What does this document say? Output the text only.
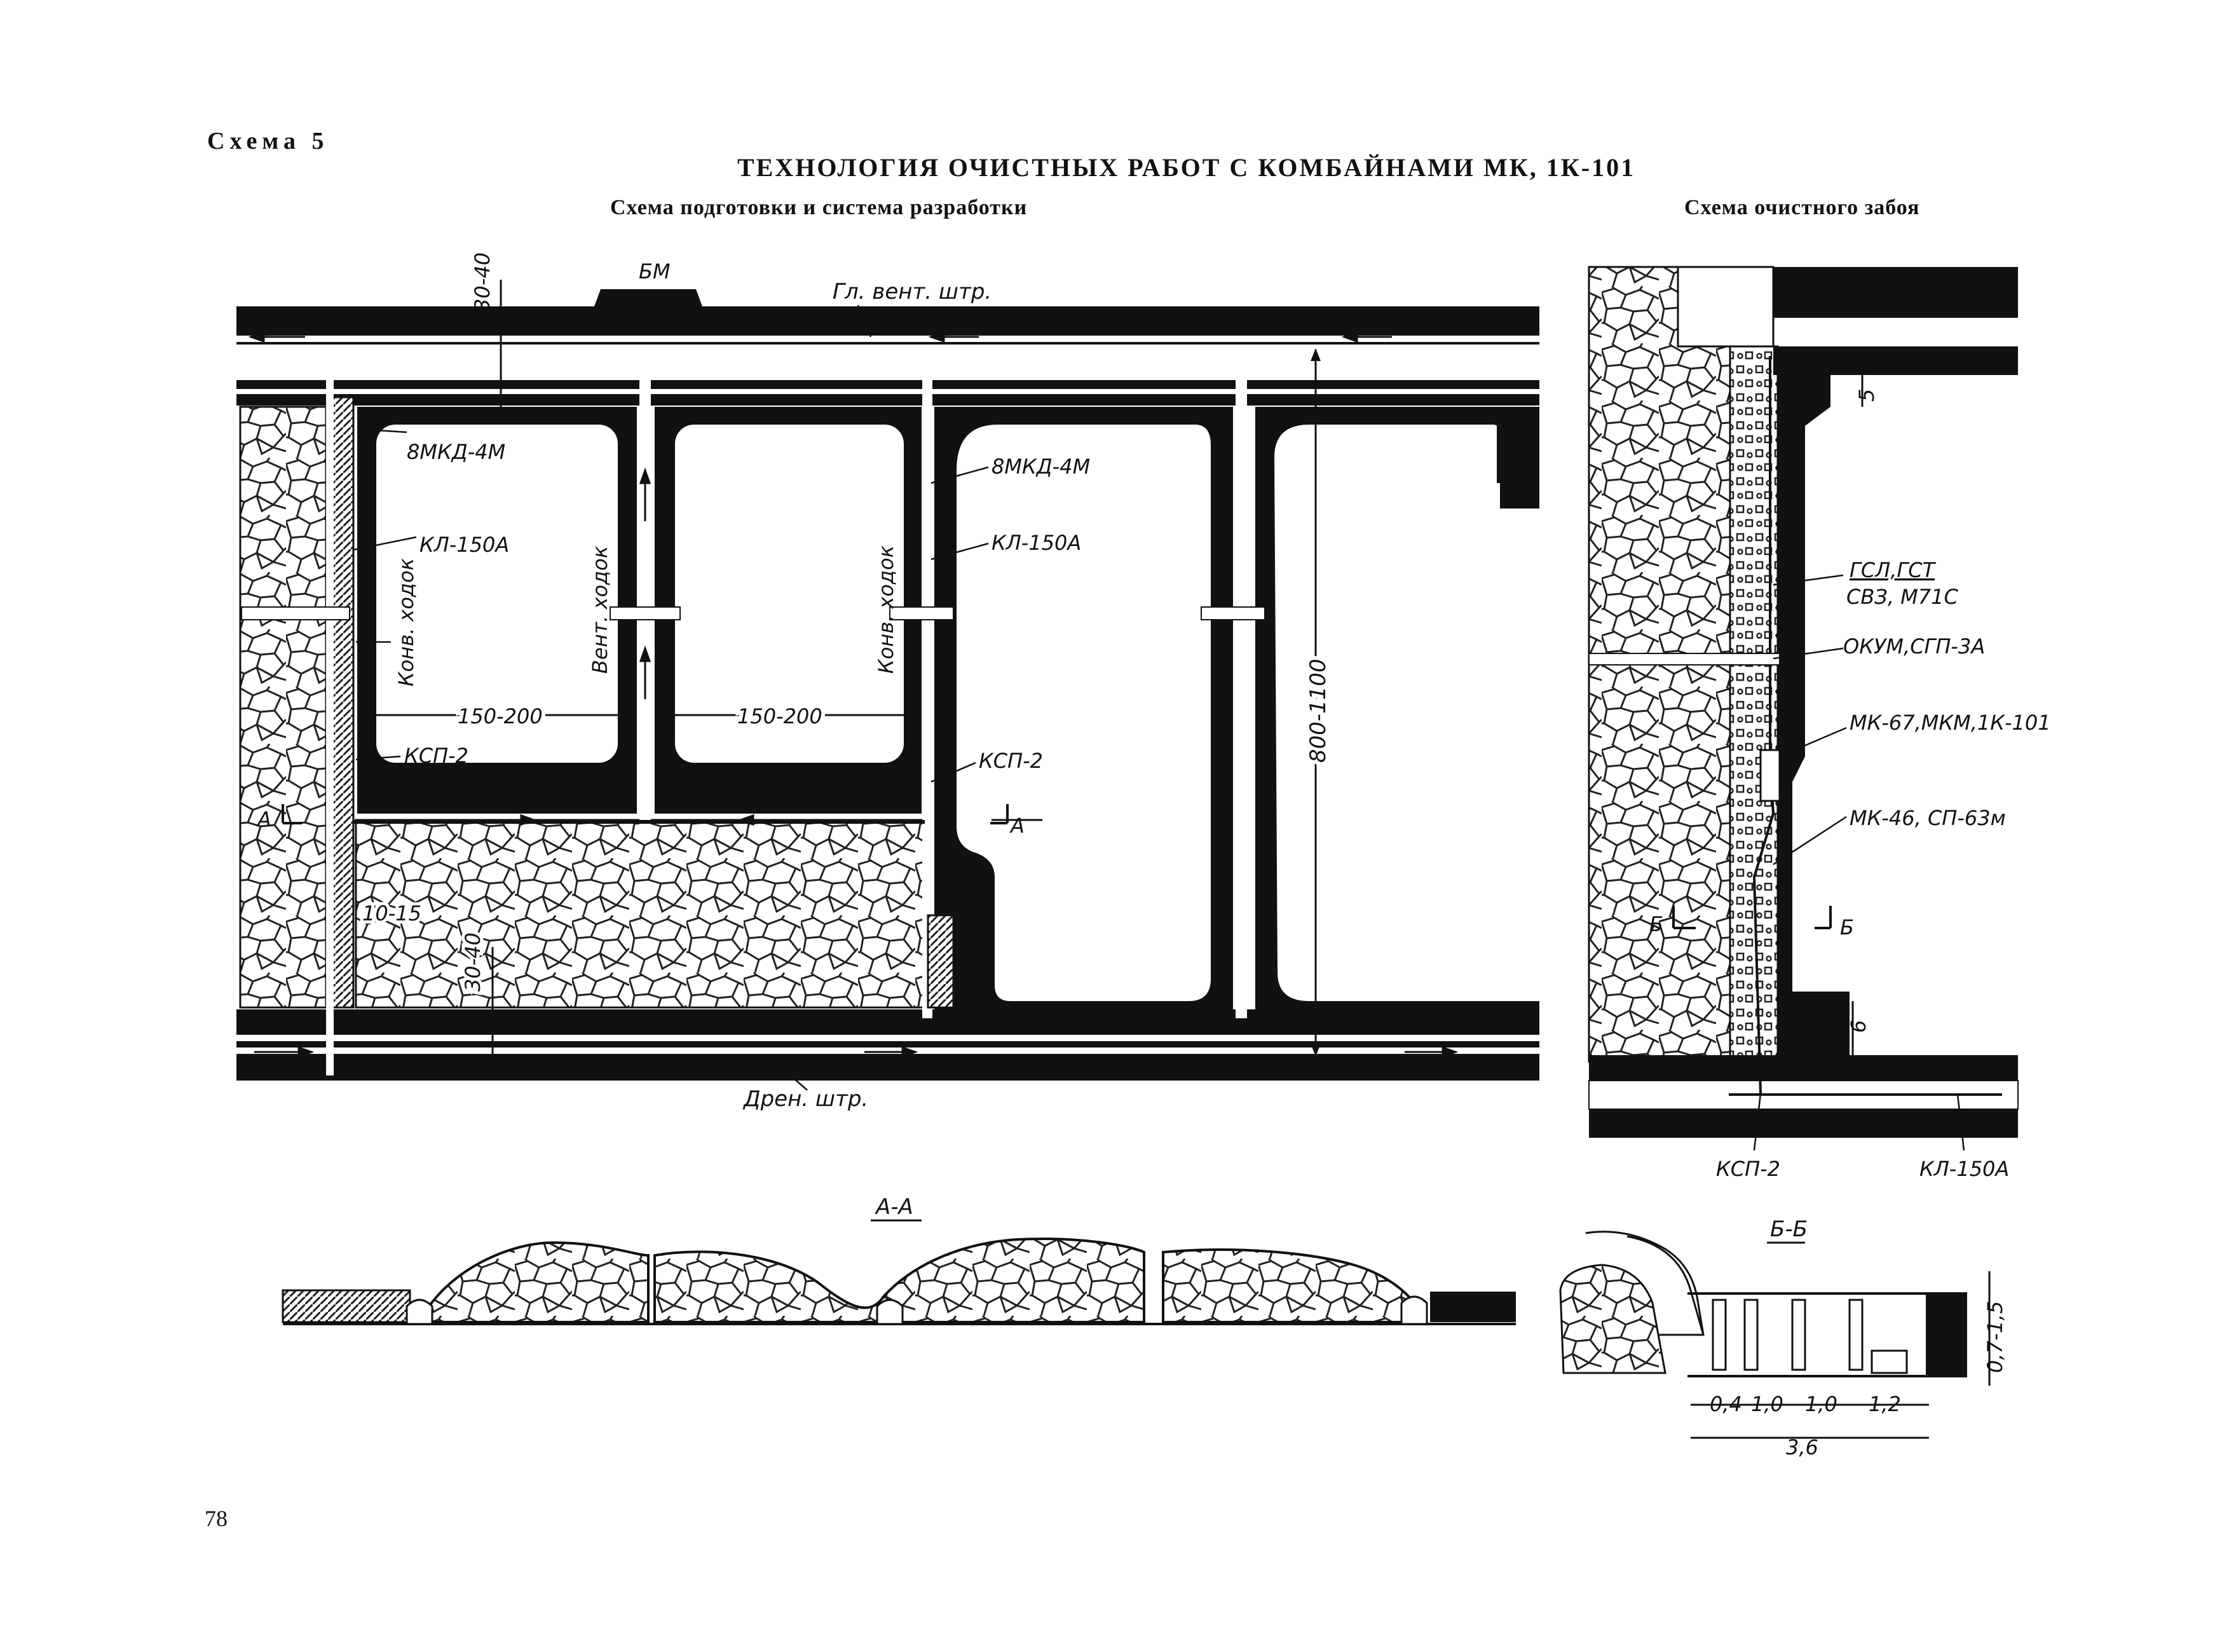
Схема 5
ТЕХНОЛОГИЯ ОЧИСТНЫХ РАБОТ С КОМБАЙНАМИ МК, 1К-101
Схема подготовки и система разработки	Схема очистного забоя
78
Гл. вент. штр.
БМ
30-40
8МКД-4М
КЛ-150А
Конв. ходок	Вент. ходок	Конв. ходок
150-200	150-200
КСП-2
8МКД-4М
КЛ-150А
КСП-2
А	А
10-15
30-40
800-1100
Дрен. штр.
5
ГСЛ,ГСТ
СВЗ, М71С
ОКУМ,СГП-3А
МК-67,МКМ,1К-101
МК-46, СП-63м
Б	Б
6
КСП-2	КЛ-150А
А-А
Б-Б
0,4 1,0 1,0 1,2
3,6
0,7-1,5
